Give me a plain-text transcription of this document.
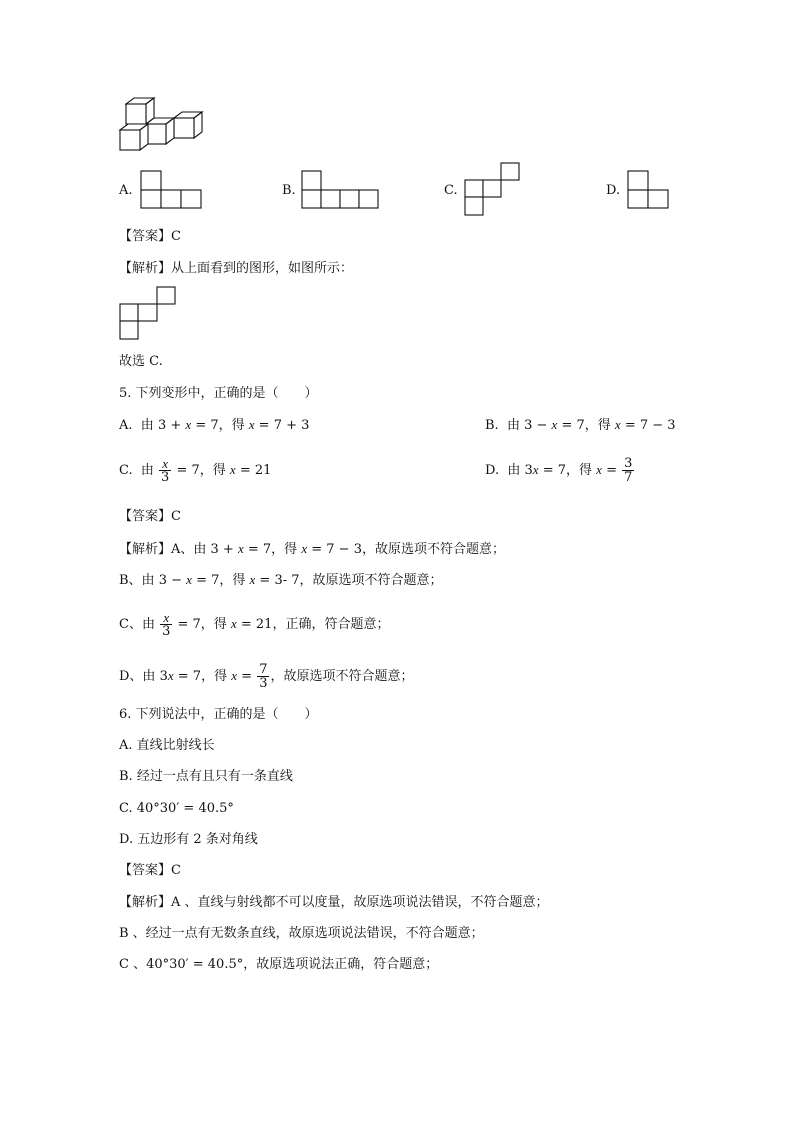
A.	B.	C.	D.
【答案】C
【解析】从上面看到的图形，如图所示：
故选 C.
5. 下列变形中，正确的是（　　）
A. 由 3 + x = 7，得 x = 7 + 3	B. 由 3 − x = 7，得 x = 7 − 3
C. 由 $\frac{x}{3} = 7$，得 x = 21	D. 由 3x = 7，得 $x = \frac{3}{7}$
【答案】C
【解析】A、由 3 + x = 7，得 x = 7 − 3，故原选项不符合题意；
B、由 3 − x = 7，得 x = 3- 7，故原选项不符合题意；
C、由 $\frac{x}{3} = 7$，得 x = 21，正确，符合题意；
D、由 3x = 7，得 $x = \frac{7}{3}$ ，故原选项不符合题意；
6. 下列说法中，正确的是（　　）
A. 直线比射线长
B. 经过一点有且只有一条直线
C. 40°30′ = 40.5°
D. 五边形有 2 条对角线
【答案】C
【解析】A 、直线与射线都不可以度量，故原选项说法错误，不符合题意；
B 、经过一点有无数条直线，故原选项说法错误，不符合题意；
C 、40°30′ = 40.5°，故原选项说法正确，符合题意；
